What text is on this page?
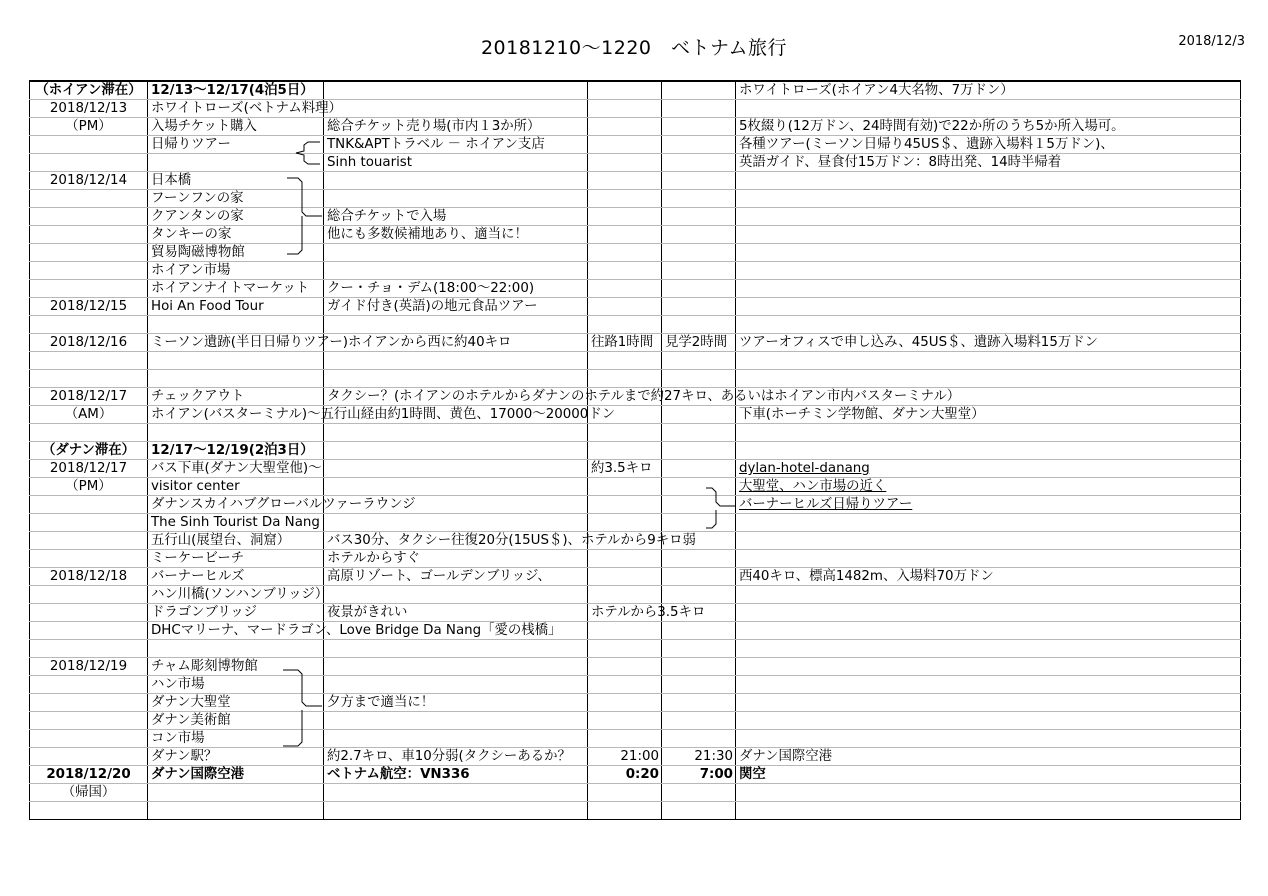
20181210〜1220　ベトナム旅行	2018/12/3
（ホイアン滞在）	12/13〜12/17(4泊5日）				ホワイトローズ(ホイアン4大名物、7万ドン）
2018/12/13	ホワイトローズ(ベトナム料理）				
（PM）	入場チケット購入	総合チケット売り場(市内１3か所）			5枚綴り(12万ドン、24時間有効)で22か所のうち5か所入場可。
	日帰りツアー	TNK&APTトラベル － ホイアン支店			各種ツアー(ミーソン日帰り45US＄、遺跡入場料１5万ドン)、
		Sinh touarist			英語ガイド、昼食付15万ドン：8時出発、14時半帰着
2018/12/14	日本橋				
	フーンフンの家				
	クアンタンの家	総合チケットで入場			
	タンキーの家	他にも多数候補地あり、適当に！			
	貿易陶磁博物館				
	ホイアン市場				
	ホイアンナイトマーケット	クー・チョ・デム(18:00〜22:00)			
2018/12/15	Hoi An Food Tour	ガイド付き(英語)の地元食品ツアー			

2018/12/16	ミーソン遺跡(半日日帰りツアー)ホイアンから西に約40キロ		往路1時間	見学2時間	ツアーオフィスで申し込み、45US＄、遺跡入場料15万ドン

2018/12/17	チェックアウト	タクシー？(ホイアンのホテルからダナンのホテルまで約27キロ、あるいはホイアン市内バスターミナル）			
（AM）	ホイアン(バスターミナル)〜五行山経由約1時間、黄色、17000〜20000ドン				下車(ホーチミン学物館、ダナン大聖堂）

（ダナン滞在）	12/17〜12/19(2泊3日）				
2018/12/17	バス下車(ダナン大聖堂他)〜		約3.5キロ		dylan-hotel-danang
（PM）	visitor center				大聖堂、ハン市場の近く
	ダナンスカイハブグローバルツァーラウンジ				バーナーヒルズ日帰りツアー
	The Sinh Tourist Da Nang				
	五行山(展望台、洞窟）	バス30分、タクシー往復20分(15US＄)、ホテルから9キロ弱			
	ミーケービーチ	ホテルからすぐ			
2018/12/18	バーナーヒルズ	高原リゾート、ゴールデンブリッジ、			西40キロ、標高1482m、入場料70万ドン
	ハン川橋(ソンハンブリッジ）				
	ドラゴンブリッジ	夜景がきれい	ホテルから3.5キロ		
	DHCマリーナ、マードラゴン、Love Bridge Da Nang「愛の桟橋」				

2018/12/19	チャム彫刻博物館				
	ハン市場				
	ダナン大聖堂	夕方まで適当に！			
	ダナン美術館				
	コン市場				
	ダナン駅？	約2.7キロ、車10分弱(タクシーあるか？	21:00	21:30	ダナン国際空港
2018/12/20	ダナン国際空港	ベトナム航空：VN336	0:20	7:00	関空
（帰国）					
